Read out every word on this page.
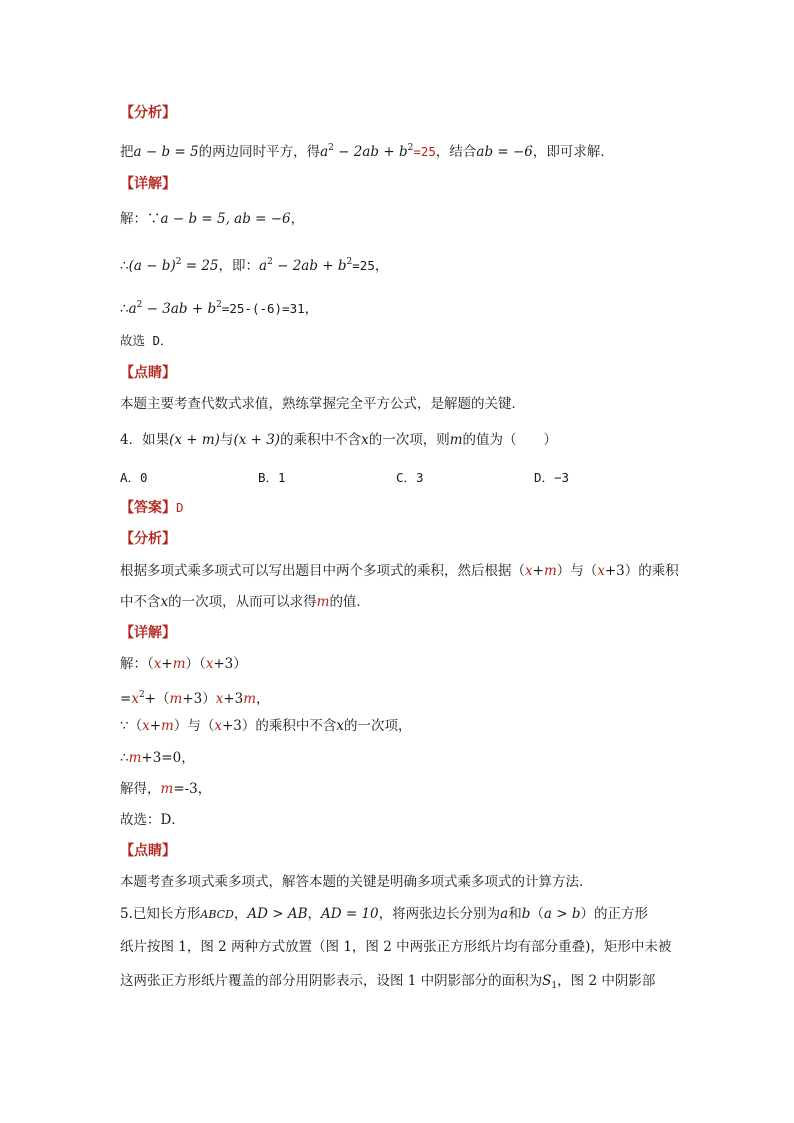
【分析】
把a − b = 5的两边同时平方，得$a^2 - 2ab + b^2=25$，结合ab = −6，即可求解．
【详解】
解：∵a − b = 5, ab = −6，
∴(a − b)$^2$ = 25，即：$a^2 - 2ab + b^2=25$，
$\therefore a^2 - 3ab + b^2=25-(-6)=31$，
故选 D．
【点睛】
本题主要考查代数式求值，熟练掌握完全平方公式，是解题的关键．
4．如果(x + m)与(x + 3)的乘积中不含x的一次项，则m的值为（　　）
A．0	B．1	C．3	D．−3
【答案】D
【分析】
根据多项式乘多项式可以写出题目中两个多项式的乘积，然后根据（x+m）与（x+3）的乘积
中不含x的一次项，从而可以求得m的值．
【详解】
解：（x+m）（x+3）
$=x^2+(m+3)x+3m$，
∵（x+m）与（x+3）的乘积中不含x的一次项，
∴m+3=0，
解得，m=-3，
故选：D．
【点睛】
本题考查多项式乘多项式，解答本题的关键是明确多项式乘多项式的计算方法．
5.已知长方形ABCD，AD > AB，AD = 10，将两张边长分别为a和b（a > b）的正方形
纸片按图 1，图 2 两种方式放置（图 1，图 2 中两张正方形纸片均有部分重叠)，矩形中未被
这两张正方形纸片覆盖的部分用阴影表示，设图 1 中阴影部分的面积为$S_1$，图 2 中阴影部
